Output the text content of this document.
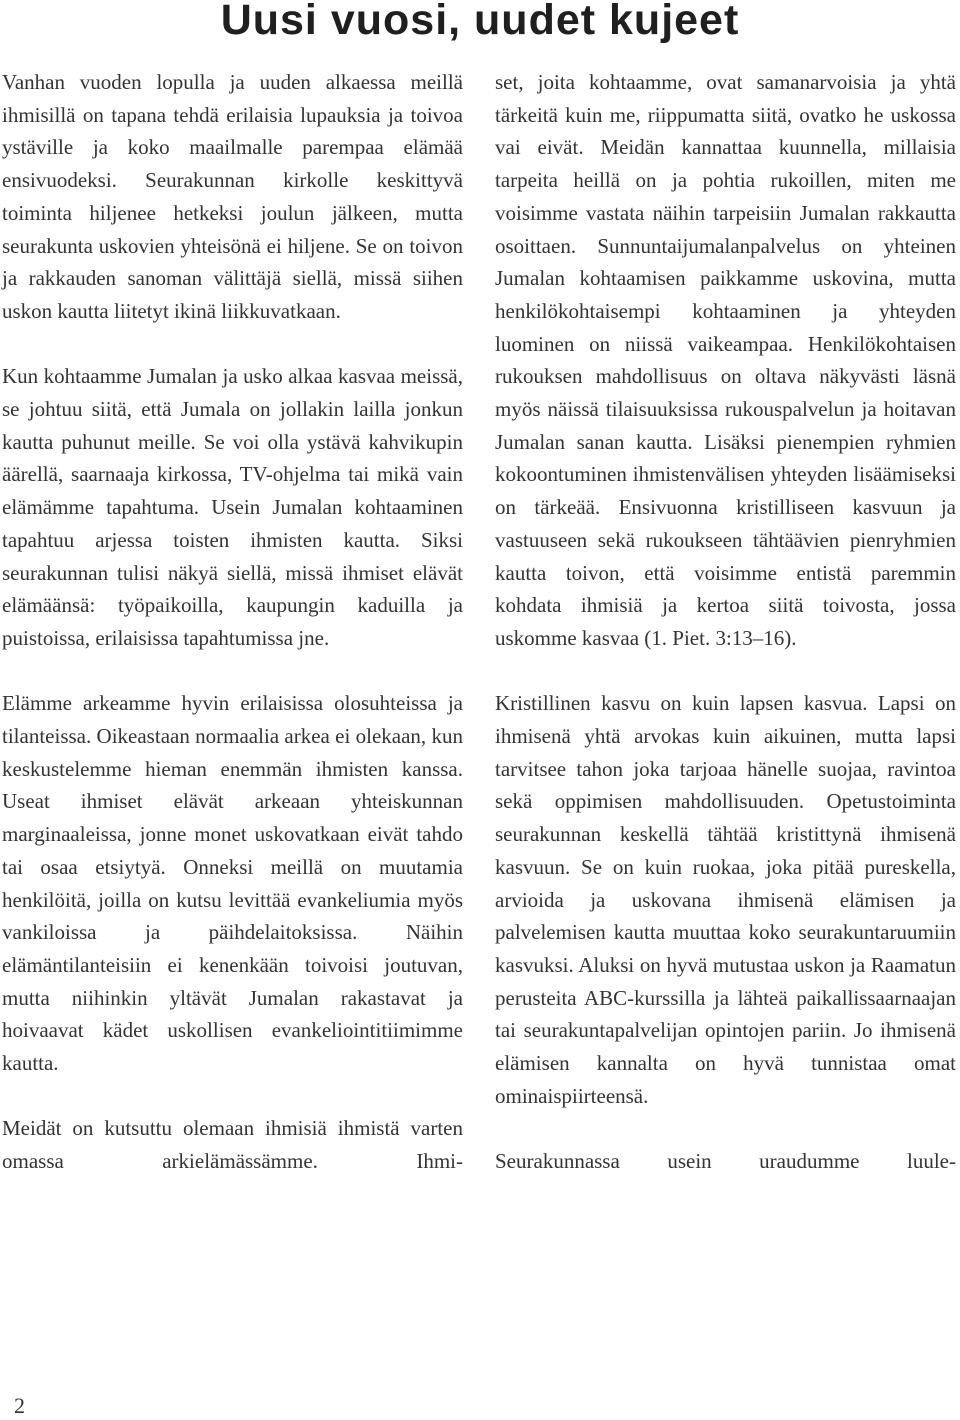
Uusi vuosi, uudet kujeet

Vanhan vuoden lopulla ja uuden alkaessa meillä ihmisillä on tapana tehdä erilaisia lupauksia ja toivoa ystäville ja koko maailmalle parempaa elämää ensivuodeksi. Seurakunnan kirkolle keskittyvä toiminta hiljenee hetkeksi joulun jälkeen, mutta seurakunta uskovien yhteisönä ei hiljene. Se on toivon ja rakkauden sanoman välittäjä siellä, missä siihen uskon kautta liitetyt ikinä liikkuvatkaan.

Kun kohtaamme Jumalan ja usko alkaa kasvaa meissä, se johtuu siitä, että Jumala on jollakin lailla jonkun kautta puhunut meille. Se voi olla ystävä kahvikupin äärellä, saarnaaja kirkossa, TV-ohjelma tai mikä vain elämämme tapahtuma. Usein Jumalan kohtaaminen tapahtuu arjessa toisten ihmisten kautta. Siksi seurakunnan tulisi näkyä siellä, missä ihmiset elävät elämäänsä: työpaikoilla, kaupungin kaduilla ja puistoissa, erilaisissa tapahtumissa jne.

Elämme arkeamme hyvin erilaisissa olosuhteissa ja tilanteissa. Oikeastaan normaalia arkea ei olekaan, kun keskustelemme hieman enemmän ihmisten kanssa. Useat ihmiset elävät arkeaan yhteiskunnan marginaaleissa, jonne monet uskovatkaan eivät tahdo tai osaa etsiytyä. Onneksi meillä on muutamia henkilöitä, joilla on kutsu levittää evankeliumia myös vankiloissa ja päihdelaitoksissa. Näihin elämäntilanteisiin ei kenenkään toivoisi joutuvan, mutta niihinkin yltävät Jumalan rakastavat ja hoivaavat kädet uskollisen evankeliointitiimimme kautta.

Meidät on kutsuttu olemaan ihmisiä ihmistä varten omassa arkielämässämme. Ihmi-

set, joita kohtaamme, ovat samanarvoisia ja yhtä tärkeitä kuin me, riippumatta siitä, ovatko he uskossa vai eivät. Meidän kannattaa kuunnella, millaisia tarpeita heillä on ja pohtia rukoillen, miten me voisimme vastata näihin tarpeisiin Jumalan rakkautta osoittaen. Sunnuntaijumalanpalvelus on yhteinen Jumalan kohtaamisen paikkamme uskovina, mutta henkilökohtaisempi kohtaaminen ja yhteyden luominen on niissä vaikeampaa. Henkilökohtaisen rukouksen mahdollisuus on oltava näkyvästi läsnä myös näissä tilaisuuksissa rukouspalvelun ja hoitavan Jumalan sanan kautta. Lisäksi pienempien ryhmien kokoontuminen ihmistenvälisen yhteyden lisäämiseksi on tärkeää. Ensivuonna kristilliseen kasvuun ja vastuuseen sekä rukoukseen tähtäävien pienryhmien kautta toivon, että voisimme entistä paremmin kohdata ihmisiä ja kertoa siitä toivosta, jossa uskomme kasvaa (1. Piet. 3:13–16).

Kristillinen kasvu on kuin lapsen kasvua. Lapsi on ihmisenä yhtä arvokas kuin aikuinen, mutta lapsi tarvitsee tahon joka tarjoaa hänelle suojaa, ravintoa sekä oppimisen mahdollisuuden. Opetustoiminta seurakunnan keskellä tähtää kristittynä ihmisenä kasvuun. Se on kuin ruokaa, joka pitää pureskella, arvioida ja uskovana ihmisenä elämisen ja palvelemisen kautta muuttaa koko seurakuntaruumiin kasvuksi. Aluksi on hyvä mutustaa uskon ja Raamatun perusteita ABC-kurssilla ja lähteä paikallissaarnaajan tai seurakuntapalvelijan opintojen pariin. Jo ihmisenä elämisen kannalta on hyvä tunnistaa omat ominaispiirteensä.

Seurakunnassa usein uraudumme luule-

2
